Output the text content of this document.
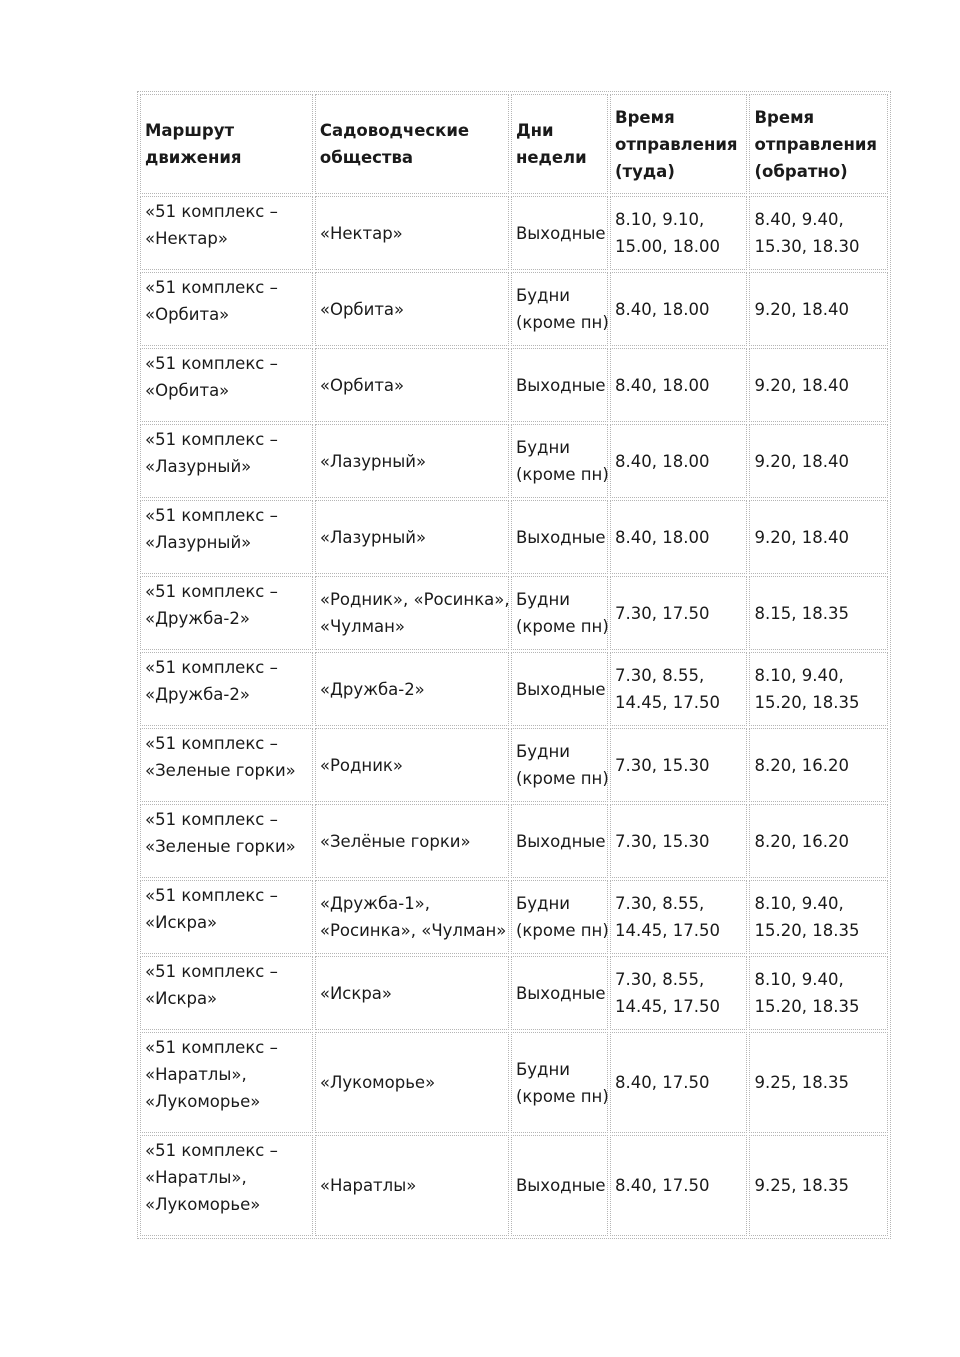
Маршрут
движения	Садоводческие
общества	Дни
недели	Время
отправления
(туда)	Время
отправления
(обратно)

«51 комплекс –
«Нектар»	«Нектар»	Выходные	8.10, 9.10,
15.00, 18.00	8.40, 9.40,
15.30, 18.30

«51 комплекс –
«Орбита»	«Орбита»	Будни
(кроме пн)	8.40, 18.00	9.20, 18.40

«51 комплекс –
«Орбита»	«Орбита»	Выходные	8.40, 18.00	9.20, 18.40

«51 комплекс –
«Лазурный»	«Лазурный»	Будни
(кроме пн)	8.40, 18.00	9.20, 18.40

«51 комплекс –
«Лазурный»	«Лазурный»	Выходные	8.40, 18.00	9.20, 18.40

«51 комплекс –
«Дружба-2»	«Родник», «Росинка»,
«Чулман»	Будни
(кроме пн)	7.30, 17.50	8.15, 18.35

«51 комплекс –
«Дружба-2»	«Дружба-2»	Выходные	7.30, 8.55,
14.45, 17.50	8.10, 9.40,
15.20, 18.35

«51 комплекс –
«Зеленые горки»	«Родник»	Будни
(кроме пн)	7.30, 15.30	8.20, 16.20

«51 комплекс –
«Зеленые горки»	«Зелёные горки»	Выходные	7.30, 15.30	8.20, 16.20

«51 комплекс –
«Искра»	«Дружба-1»,
«Росинка», «Чулман»	Будни
(кроме пн)	7.30, 8.55,
14.45, 17.50	8.10, 9.40,
15.20, 18.35

«51 комплекс –
«Искра»	«Искра»	Выходные	7.30, 8.55,
14.45, 17.50	8.10, 9.40,
15.20, 18.35

«51 комплекс –
«Наратлы»,
«Лукоморье»	«Лукоморье»	Будни
(кроме пн)	8.40, 17.50	9.25, 18.35

«51 комплекс –
«Наратлы»,
«Лукоморье»	«Наратлы»	Выходные	8.40, 17.50	9.25, 18.35
